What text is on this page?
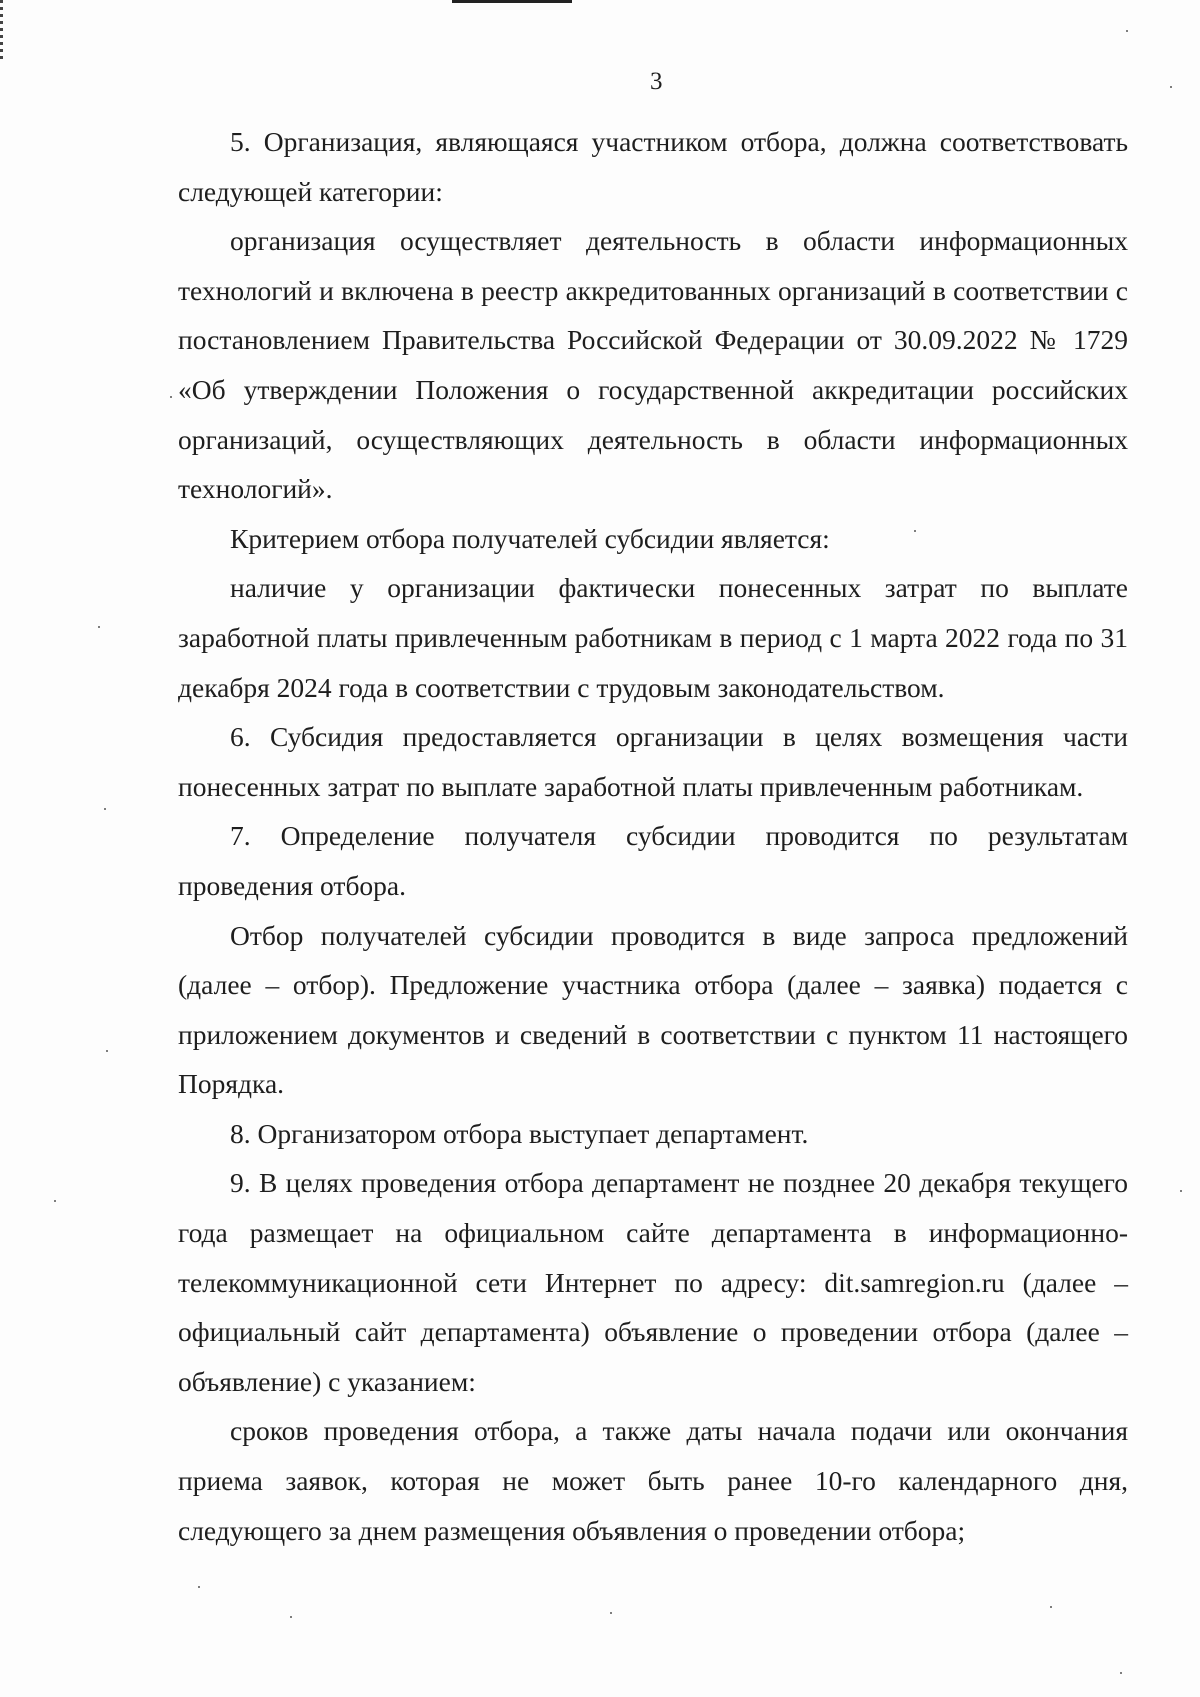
3

5. Организация, являющаяся участником отбора, должна соответствовать следующей категории:

организация осуществляет деятельность в области информационных технологий и включена в реестр аккредитованных организаций в соответствии с постановлением Правительства Российской Федерации от 30.09.2022 № 1729 «Об утверждении Положения о государственной аккредитации российских организаций, осуществляющих деятельность в области информационных технологий».

Критерием отбора получателей субсидии является:

наличие у организации фактически понесенных затрат по выплате заработной платы привлеченным работникам в период с 1 марта 2022 года по 31 декабря 2024 года в соответствии с трудовым законодательством.

6. Субсидия предоставляется организации в целях возмещения части понесенных затрат по выплате заработной платы привлеченным работникам.

7. Определение получателя субсидии проводится по результатам проведения отбора.

Отбор получателей субсидии проводится в виде запроса предложений (далее – отбор). Предложение участника отбора (далее – заявка) подается с приложением документов и сведений в соответствии с пунктом 11 настоящего Порядка.

8. Организатором отбора выступает департамент.

9. В целях проведения отбора департамент не позднее 20 декабря текущего года размещает на официальном сайте департамента в информационно-телекоммуникационной сети Интернет по адресу: dit.samregion.ru (далее – официальный сайт департамента) объявление о проведении отбора (далее – объявление) с указанием:

сроков проведения отбора, а также даты начала подачи или окончания приема заявок, которая не может быть ранее 10-го календарного дня, следующего за днем размещения объявления о проведении отбора;
